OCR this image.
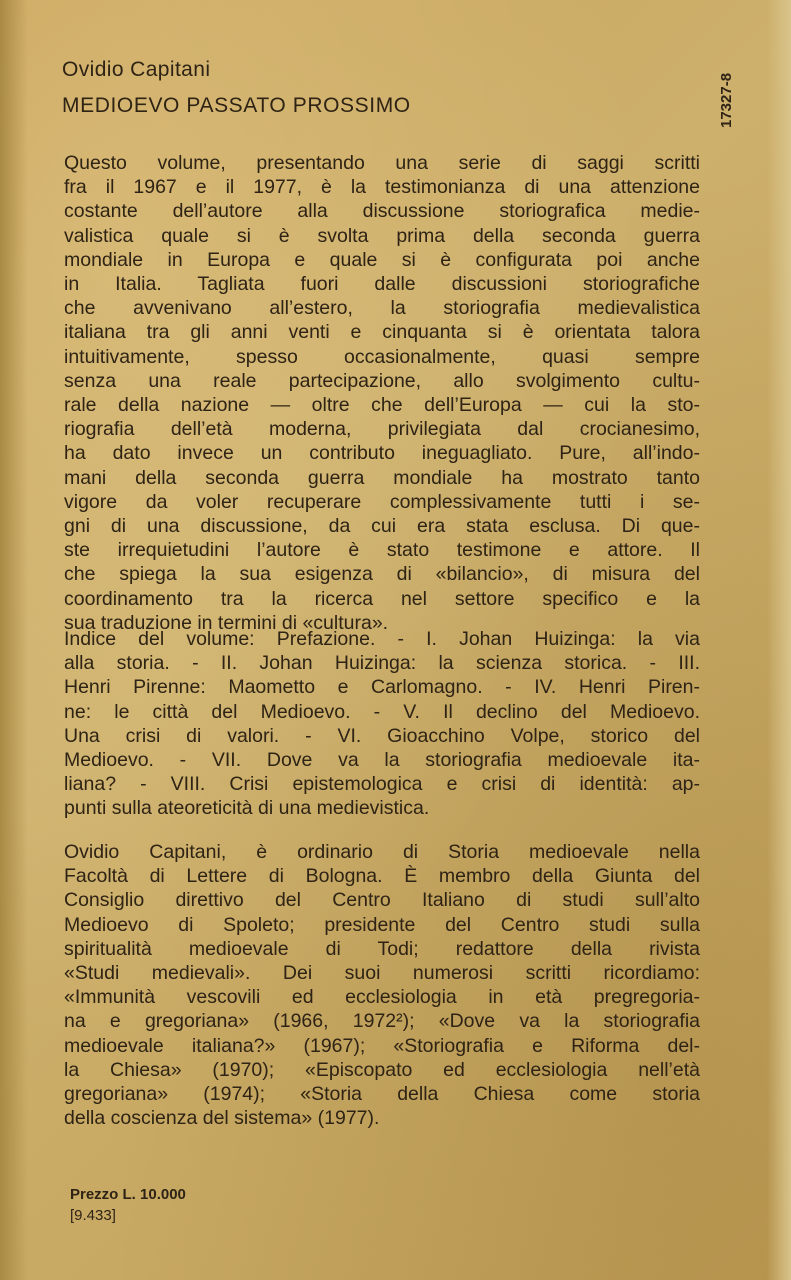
Ovidio Capitani
MEDIOEVO PASSATO PROSSIMO	17327-8

Questo volume, presentando una serie di saggi scritti
fra il 1967 e il 1977, è la testimonianza di una attenzione
costante dell’autore alla discussione storiografica medie-
valistica quale si è svolta prima della seconda guerra
mondiale in Europa e quale si è configurata poi anche
in Italia. Tagliata fuori dalle discussioni storiografiche
che avvenivano all’estero, la storiografia medievalistica
italiana tra gli anni venti e cinquanta si è orientata talora
intuitivamente, spesso occasionalmente, quasi sempre
senza una reale partecipazione, allo svolgimento cultu-
rale della nazione — oltre che dell’Europa — cui la sto-
riografia dell’età moderna, privilegiata dal crocianesimo,
ha dato invece un contributo ineguagliato. Pure, all’indo-
mani della seconda guerra mondiale ha mostrato tanto
vigore da voler recuperare complessivamente tutti i se-
gni di una discussione, da cui era stata esclusa. Di que-
ste irrequietudini l’autore è stato testimone e attore. Il
che spiega la sua esigenza di «bilancio», di misura del
coordinamento tra la ricerca nel settore specifico e la
sua traduzione in termini di «cultura».

Indice del volume: Prefazione. - I. Johan Huizinga: la via
alla storia. - II. Johan Huizinga: la scienza storica. - III.
Henri Pirenne: Maometto e Carlomagno. - IV. Henri Piren-
ne: le città del Medioevo. - V. Il declino del Medioevo.
Una crisi di valori. - VI. Gioacchino Volpe, storico del
Medioevo. - VII. Dove va la storiografia medioevale ita-
liana? - VIII. Crisi epistemologica e crisi di identità: ap-
punti sulla ateoreticità di una medievistica.

Ovidio Capitani, è ordinario di Storia medioevale nella
Facoltà di Lettere di Bologna. È membro della Giunta del
Consiglio direttivo del Centro Italiano di studi sull’alto
Medioevo di Spoleto; presidente del Centro studi sulla
spiritualità medioevale di Todi; redattore della rivista
«Studi medievali». Dei suoi numerosi scritti ricordiamo:
«Immunità vescovili ed ecclesiologia in età pregregoria-
na e gregoriana» (1966, 1972²); «Dove va la storiografia
medioevale italiana?» (1967); «Storiografia e Riforma del-
la Chiesa» (1970); «Episcopato ed ecclesiologia nell’età
gregoriana» (1974); «Storia della Chiesa come storia
della coscienza del sistema» (1977).

Prezzo L. 10.000
[9.433]
